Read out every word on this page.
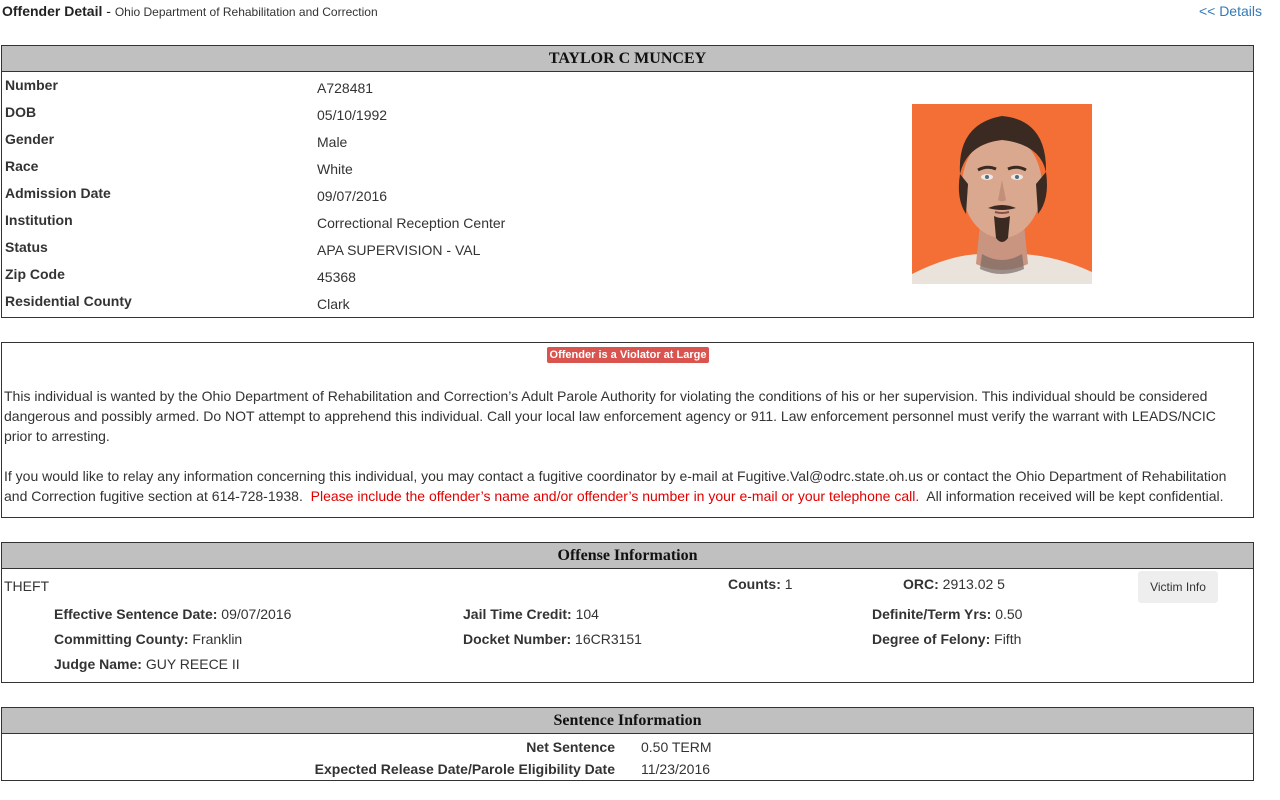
Offender Detail - Ohio Department of Rehabilitation and Correction	<< Details
TAYLOR C MUNCEY
Number	A728481
DOB	05/10/1992
Gender	Male
Race	White
Admission Date	09/07/2016
Institution	Correctional Reception Center
Status	APA SUPERVISION - VAL
Zip Code	45368
Residential County	Clark
Offender is a Violator at Large

This individual is wanted by the Ohio Department of Rehabilitation and Correction’s Adult Parole Authority for violating the conditions of his or her supervision. This individual should be considered dangerous and possibly armed. Do NOT attempt to apprehend this individual. Call your local law enforcement agency or 911. Law enforcement personnel must verify the warrant with LEADS/NCIC prior to arresting.

If you would like to relay any information concerning this individual, you may contact a fugitive coordinator by e-mail at Fugitive.Val@odrc.state.oh.us or contact the Ohio Department of Rehabilitation and Correction fugitive section at 614-728-1938. Please include the offender’s name and/or offender’s number in your e-mail or your telephone call. All information received will be kept confidential.

Offense Information
THEFT	Counts: 1	ORC: 2913.02 5	Victim Info
Effective Sentence Date: 09/07/2016	Jail Time Credit: 104	Definite/Term Yrs: 0.50
Committing County: Franklin	Docket Number: 16CR3151	Degree of Felony: Fifth
Judge Name: GUY REECE II
Sentence Information
Net Sentence 0.50 TERM
Expected Release Date/Parole Eligibility Date 11/23/2016
